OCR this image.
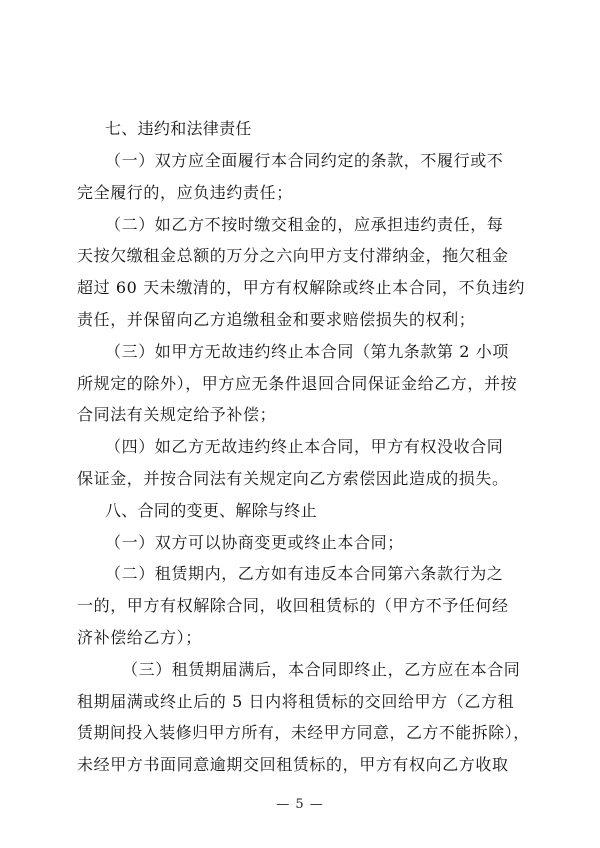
七、违约和法律责任
（一）双方应全面履行本合同约定的条款，不履行或不
完全履行的，应负违约责任；
（二）如乙方不按时缴交租金的，应承担违约责任，每
天按欠缴租金总额的万分之六向甲方支付滞纳金，拖欠租金
超过 60 天未缴清的，甲方有权解除或终止本合同，不负违约
责任，并保留向乙方追缴租金和要求赔偿损失的权利；
（三）如甲方无故违约终止本合同（第九条款第 2 小项
所规定的除外），甲方应无条件退回合同保证金给乙方，并按
合同法有关规定给予补偿；
（四）如乙方无故违约终止本合同，甲方有权没收合同
保证金，并按合同法有关规定向乙方索偿因此造成的损失。
八、合同的变更、解除与终止
（一）双方可以协商变更或终止本合同；
（二）租赁期内，乙方如有违反本合同第六条款行为之
一的，甲方有权解除合同，收回租赁标的（甲方不予任何经
济补偿给乙方）；
（三）租赁期届满后，本合同即终止，乙方应在本合同
租期届满或终止后的 5 日内将租赁标的交回给甲方（乙方租
赁期间投入装修归甲方所有，未经甲方同意，乙方不能拆除），
未经甲方书面同意逾期交回租赁标的，甲方有权向乙方收取
— 5 —
